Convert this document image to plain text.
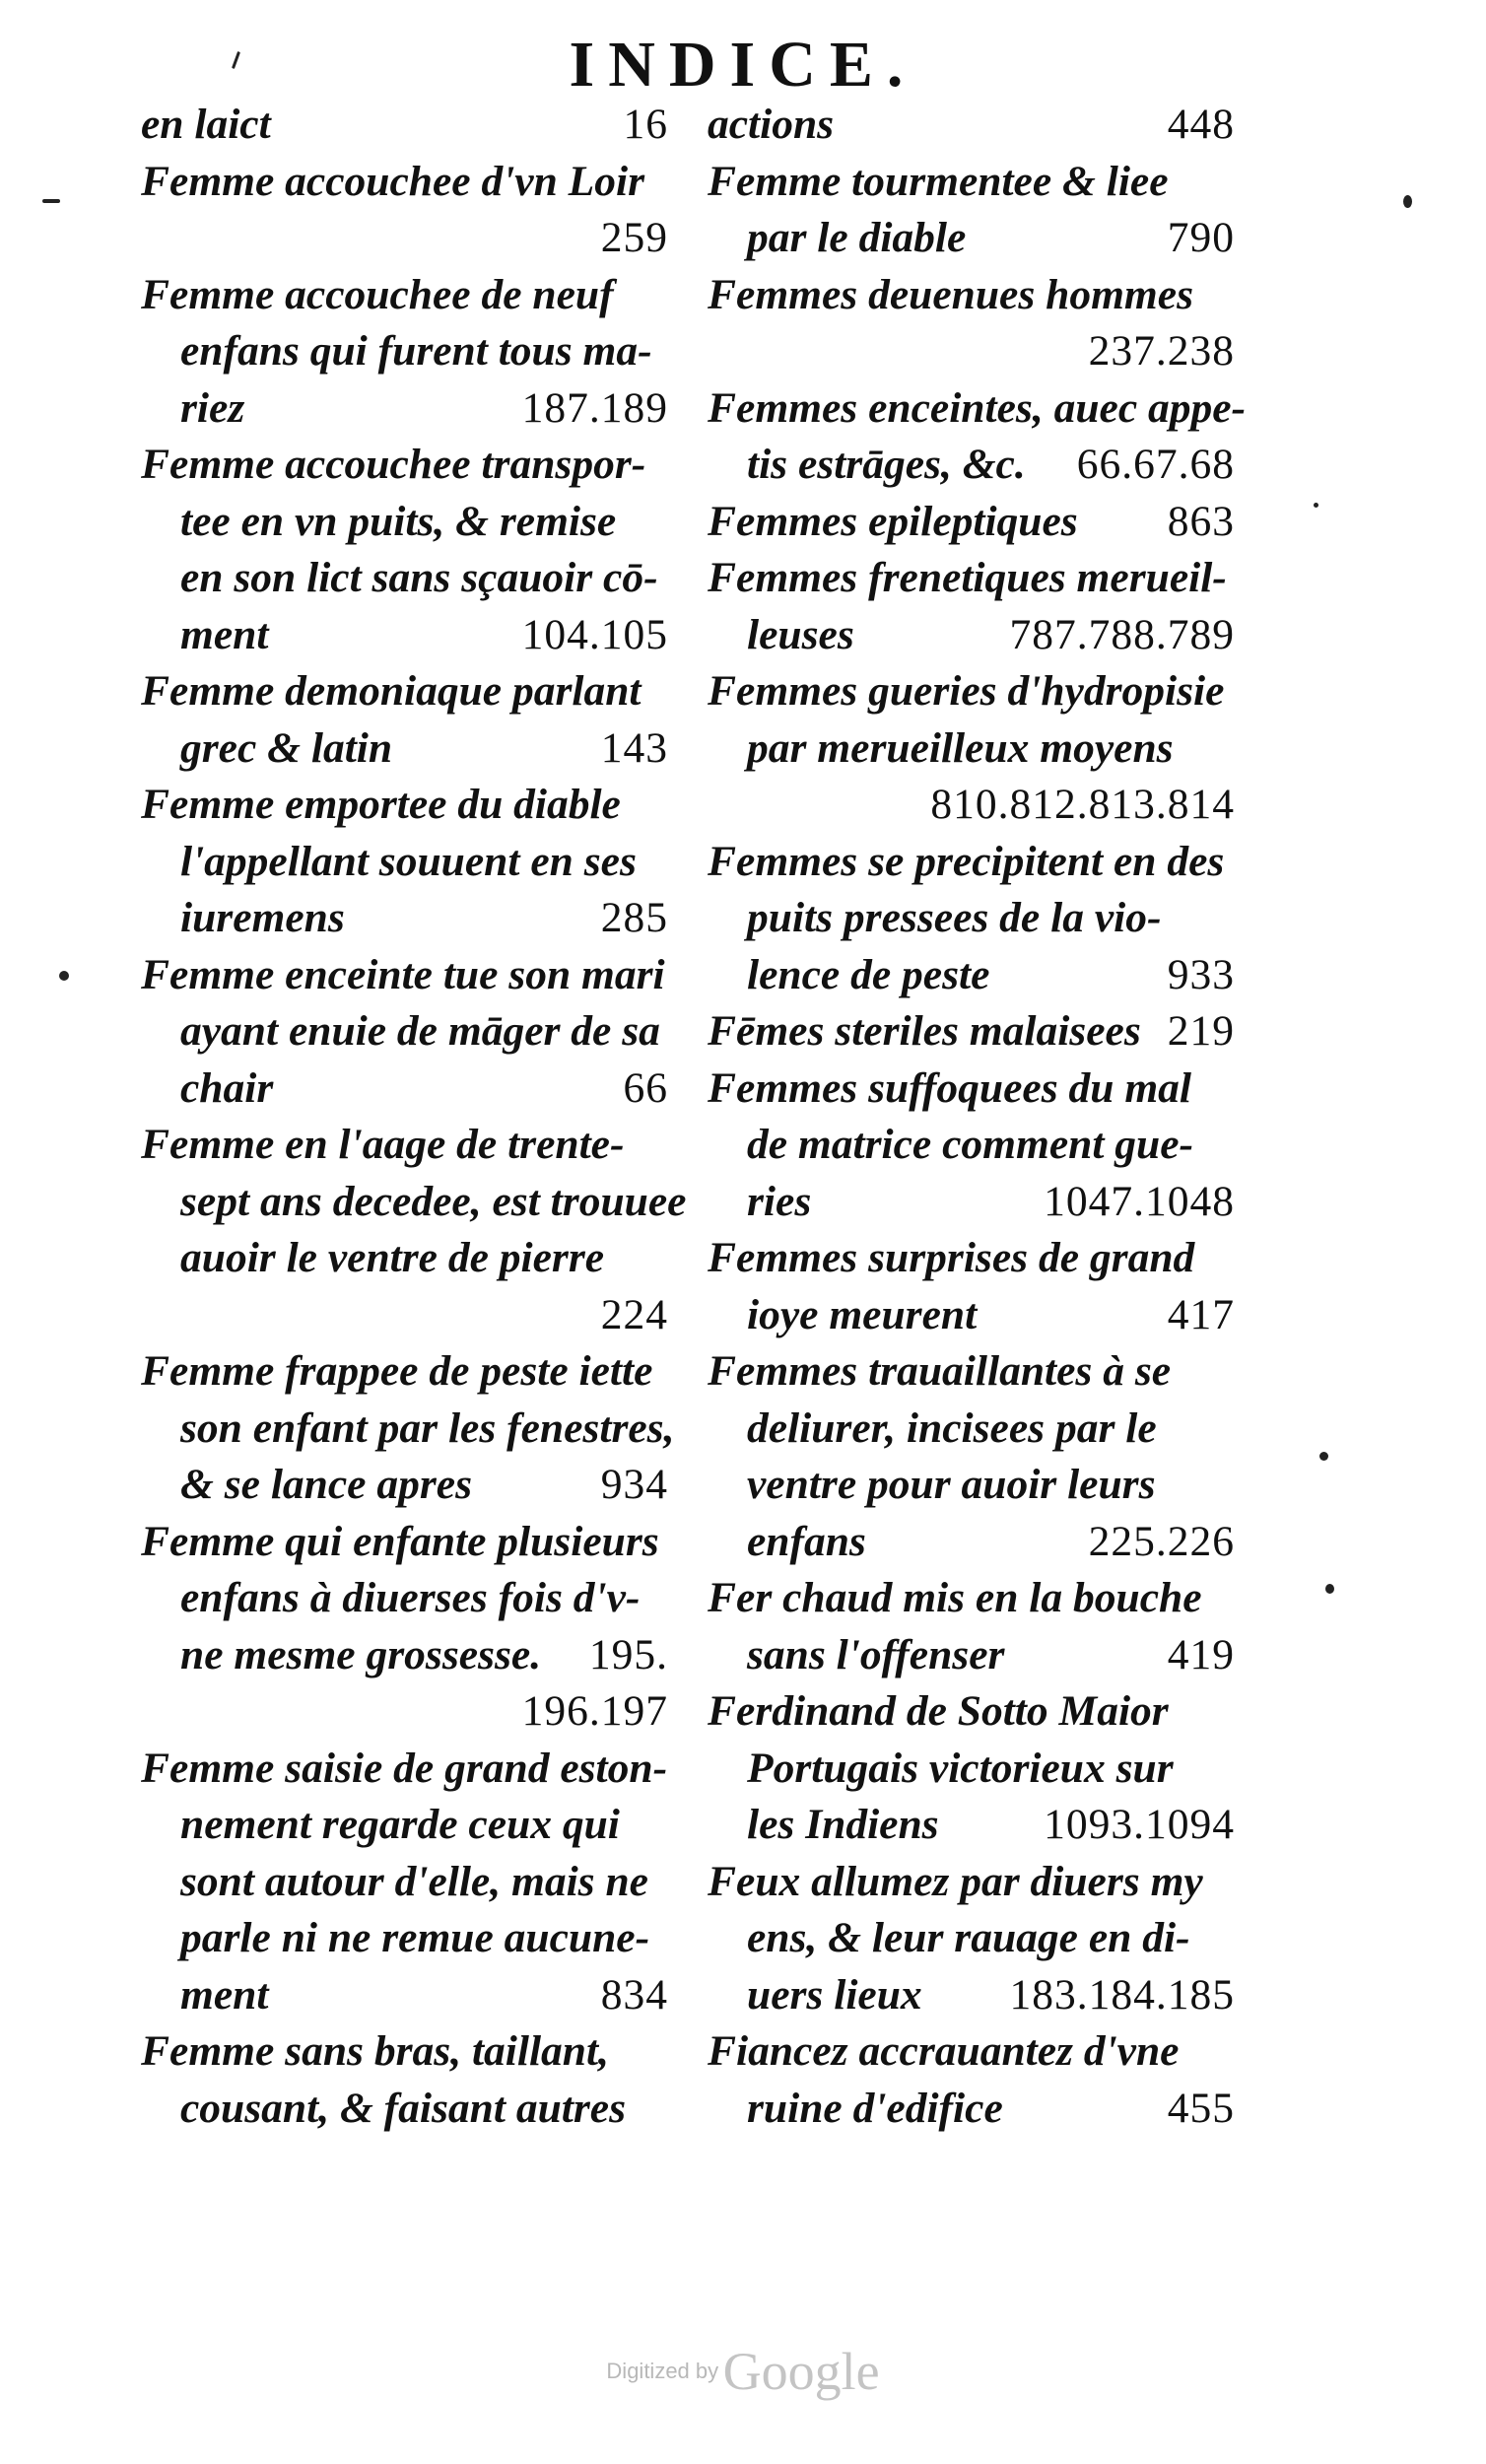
INDICE.
en laict	16
Femme accouchee d'vn Loir
259
Femme accouchee de neuf
enfans qui furent tous ma-
riez	187.189
Femme accouchee transpor-
tee en vn puits, & remise
en son lict sans sçauoir cō-
ment	104.105
Femme demoniaque parlant
grec & latin	143
Femme emportee du diable
l'appellant souuent en ses
iuremens	285
Femme enceinte tue son mari
ayant enuie de māger de sa
chair	66
Femme en l'aage de trente-
sept ans decedee, est trouuee
auoir le ventre de pierre
224
Femme frappee de peste iette
son enfant par les fenestres,
& se lance apres	934
Femme qui enfante plusieurs
enfans à diuerses fois d'v-
ne mesme grossesse. 195.
196.197
Femme saisie de grand eston-
nement regarde ceux qui
sont autour d'elle, mais ne
parle ni ne remue aucune-
ment	834
Femme sans bras, taillant,
cousant, & faisant autres
actions	448
Femme tourmentee & liee
par le diable	790
Femmes deuenues hommes
237.238
Femmes enceintes, auec appe-
tis estrāges, &c. 66.67.68
Femmes epileptiques 863
Femmes frenetiques merueil-
leuses	787.788.789
Femmes gueries d'hydropisie
par merueilleux moyens
810.812.813.814
Femmes se precipitent en des
puits pressees de la vio-
lence de peste	933
Fēmes steriles malaisees 219
Femmes suffoquees du mal
de matrice comment gue-
ries	1047.1048
Femmes surprises de grand
ioye meurent	417
Femmes trauaillantes à se
deliurer, incisees par le
ventre pour auoir leurs
enfans	225.226
Fer chaud mis en la bouche
sans l'offenser	419
Ferdinand de Sotto Maior
Portugais victorieux sur
les Indiens 1093.1094
Feux allumez par diuers my
ens, & leur rauage en di-
uers lieux 183.184.185
Fiancez accrauantez d'vne
ruine d'edifice	455
Digitized by Google
